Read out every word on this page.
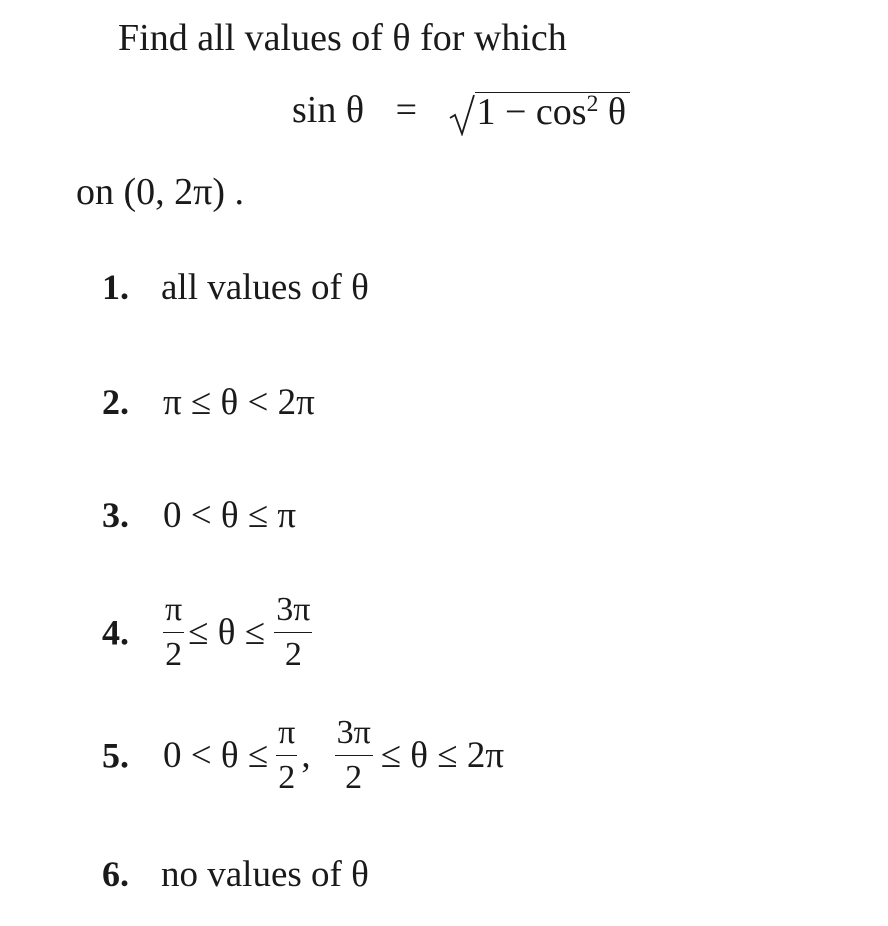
Find all values of θ for which
$\sin \theta = 1 - \cos^2 \theta$
on (0, 2π) .
1. all values of θ
2. π ≤ θ < 2π
3. 0 < θ ≤ π
4. $\frac{\pi}{2} \le \theta \le \frac{3\pi}{2}$
5. $0 < \theta \le \frac{\pi}{2}$ , $\frac{3\pi}{2} \le \theta \le 2\pi$
6. no values of θ
